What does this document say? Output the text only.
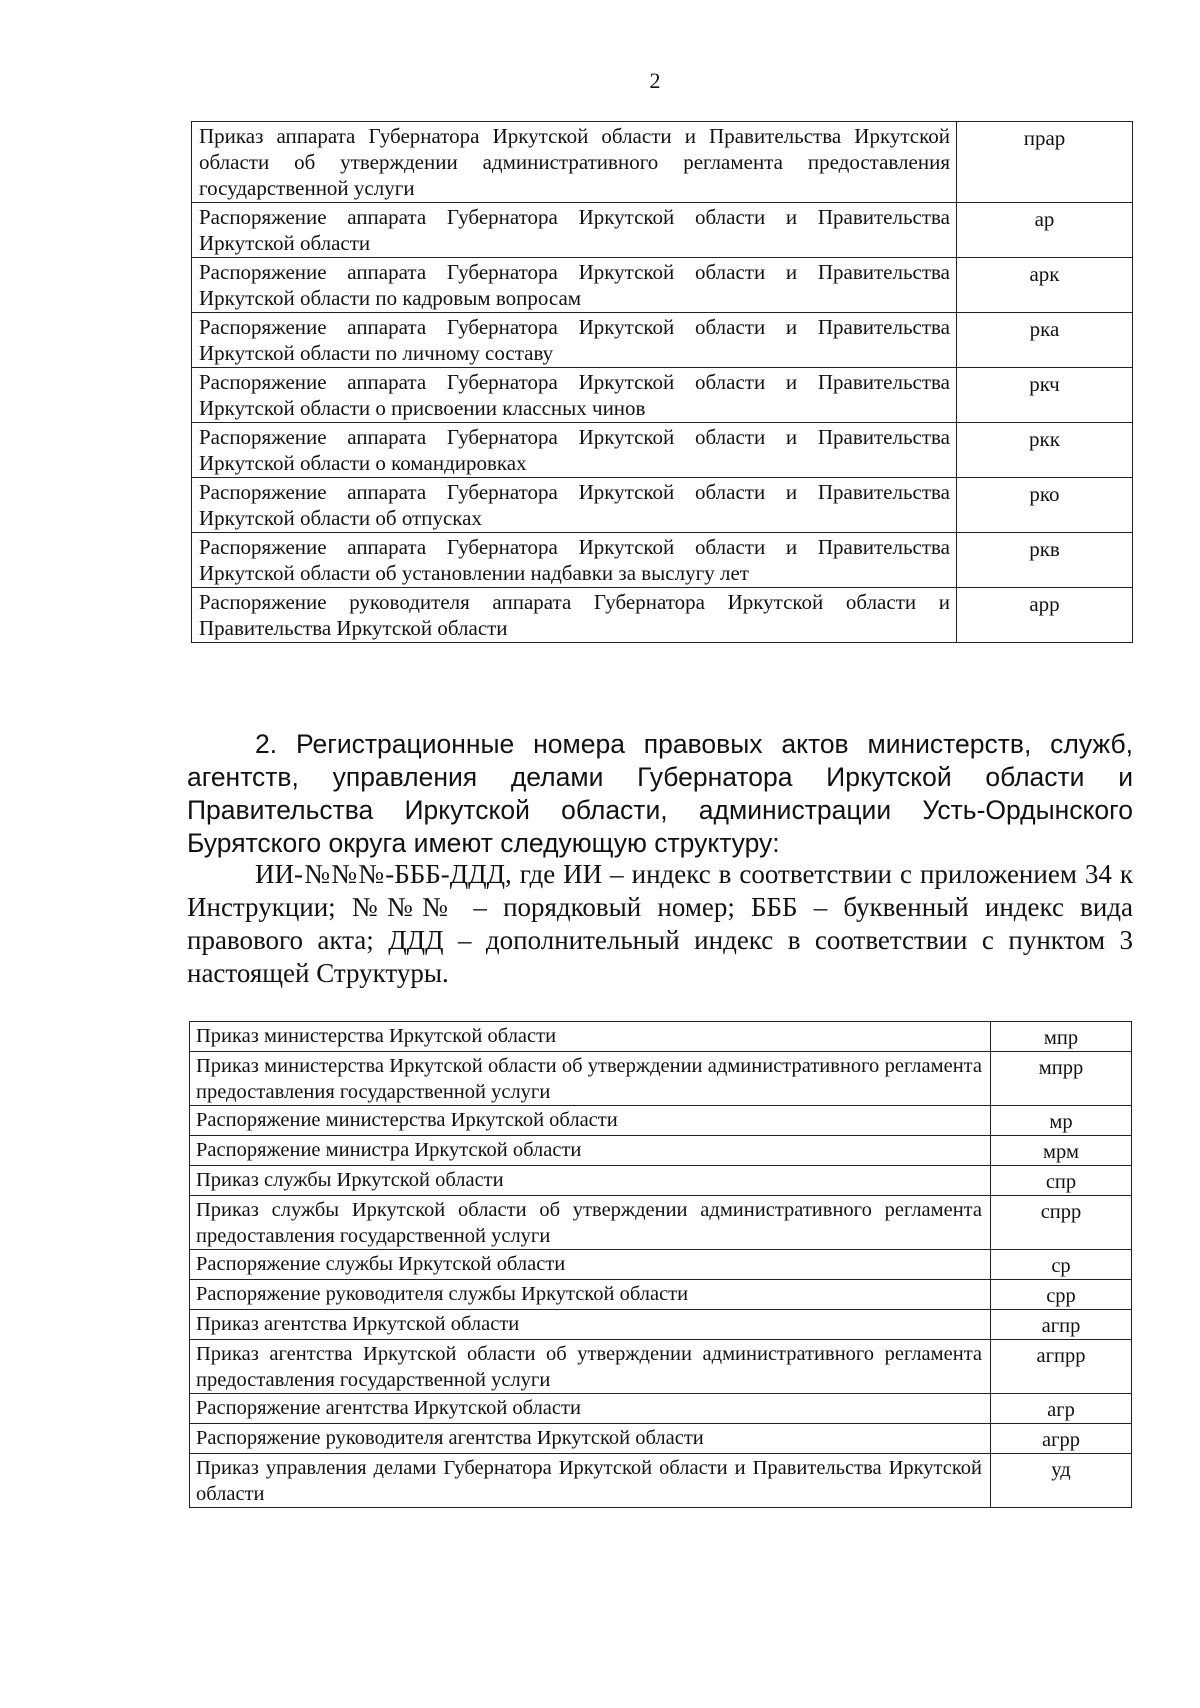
2
Приказ аппарата Губернатора Иркутской области и Правительства Иркутской области об утверждении административного регламента предоставления государственной услуги	прар
Распоряжение аппарата Губернатора Иркутской области и Правительства Иркутской области	ар
Распоряжение аппарата Губернатора Иркутской области и Правительства Иркутской области по кадровым вопросам	арк
Распоряжение аппарата Губернатора Иркутской области и Правительства Иркутской области по личному составу	рка
Распоряжение аппарата Губернатора Иркутской области и Правительства Иркутской области о присвоении классных чинов	ркч
Распоряжение аппарата Губернатора Иркутской области и Правительства Иркутской области о командировках	ркк
Распоряжение аппарата Губернатора Иркутской области и Правительства Иркутской области об отпусках	рко
Распоряжение аппарата Губернатора Иркутской области и Правительства Иркутской области об установлении надбавки за выслугу лет	ркв
Распоряжение руководителя аппарата Губернатора Иркутской области и Правительства Иркутской области	арр
2. Регистрационные номера правовых актов министерств, служб, агентств, управления делами Губернатора Иркутской области и Правительства Иркутской области, администрации Усть-Ордынского Бурятского округа имеют следующую структуру:
ИИ-№№№-БББ-ДДД, где ИИ – индекс в соответствии с приложением 34 к Инструкции; №№№ – порядковый номер; БББ – буквенный индекс вида правового акта; ДДД – дополнительный индекс в соответствии с пунктом 3 настоящей Структуры.
Приказ министерства Иркутской области	мпр
Приказ министерства Иркутской области об утверждении административного регламента предоставления государственной услуги	мпрр
Распоряжение министерства Иркутской области	мр
Распоряжение министра Иркутской области	мрм
Приказ службы Иркутской области	спр
Приказ службы Иркутской области об утверждении административного регламента предоставления государственной услуги	спрр
Распоряжение службы Иркутской области	ср
Распоряжение руководителя службы Иркутской области	срр
Приказ агентства Иркутской области	агпр
Приказ агентства Иркутской области об утверждении административного регламента предоставления государственной услуги	агпрр
Распоряжение агентства Иркутской области	агр
Распоряжение руководителя агентства Иркутской области	агрр
Приказ управления делами Губернатора Иркутской области и Правительства Иркутской области	уд
